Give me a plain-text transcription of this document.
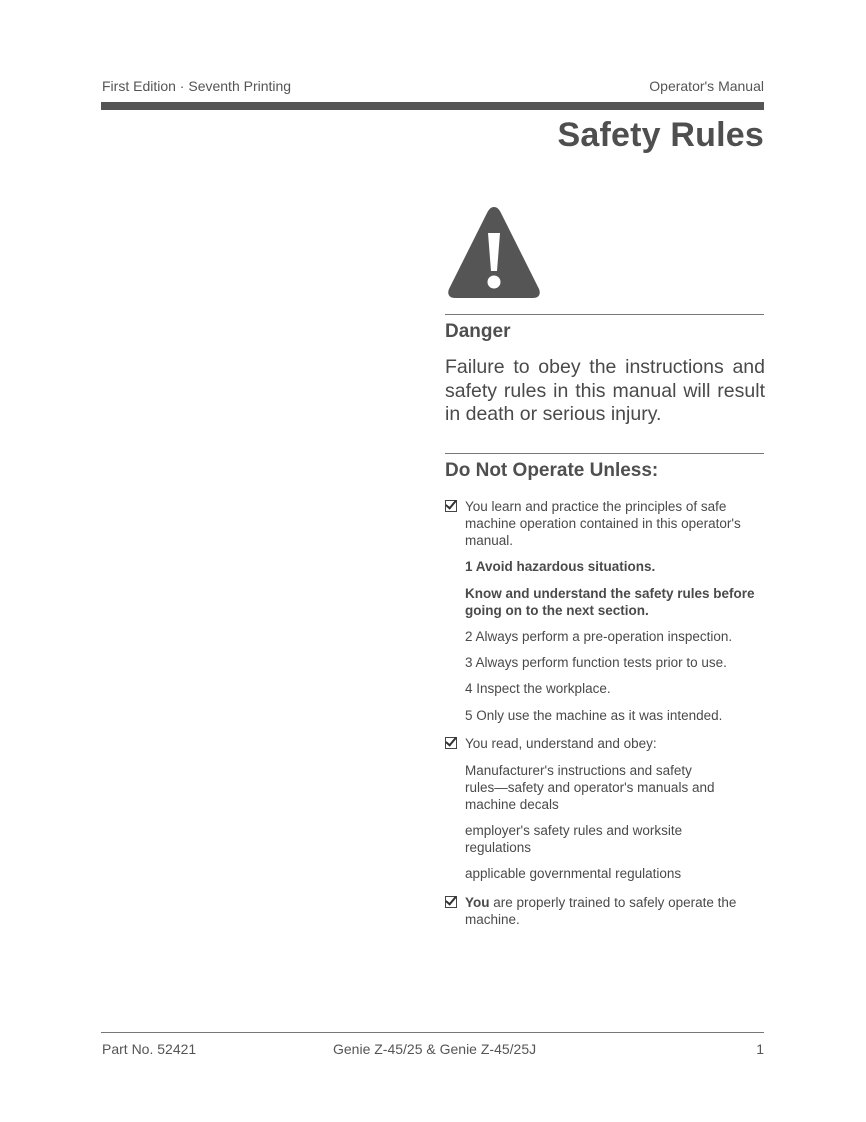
First Edition · Seventh Printing	Operator's Manual
Safety Rules
Danger
Failure to obey the instructions and safety rules in this manual will result in death or serious injury.
Do Not Operate Unless:
You learn and practice the principles of safe machine operation contained in this operator's manual.
1 Avoid hazardous situations.
Know and understand the safety rules before going on to the next section.
2 Always perform a pre-operation inspection.
3 Always perform function tests prior to use.
4 Inspect the workplace.
5 Only use the machine as it was intended.
You read, understand and obey:
Manufacturer's instructions and safety rules—safety and operator's manuals and machine decals
employer's safety rules and worksite regulations
applicable governmental regulations
You are properly trained to safely operate the machine.
Part No. 52421	Genie Z-45/25 & Genie Z-45/25J	1
